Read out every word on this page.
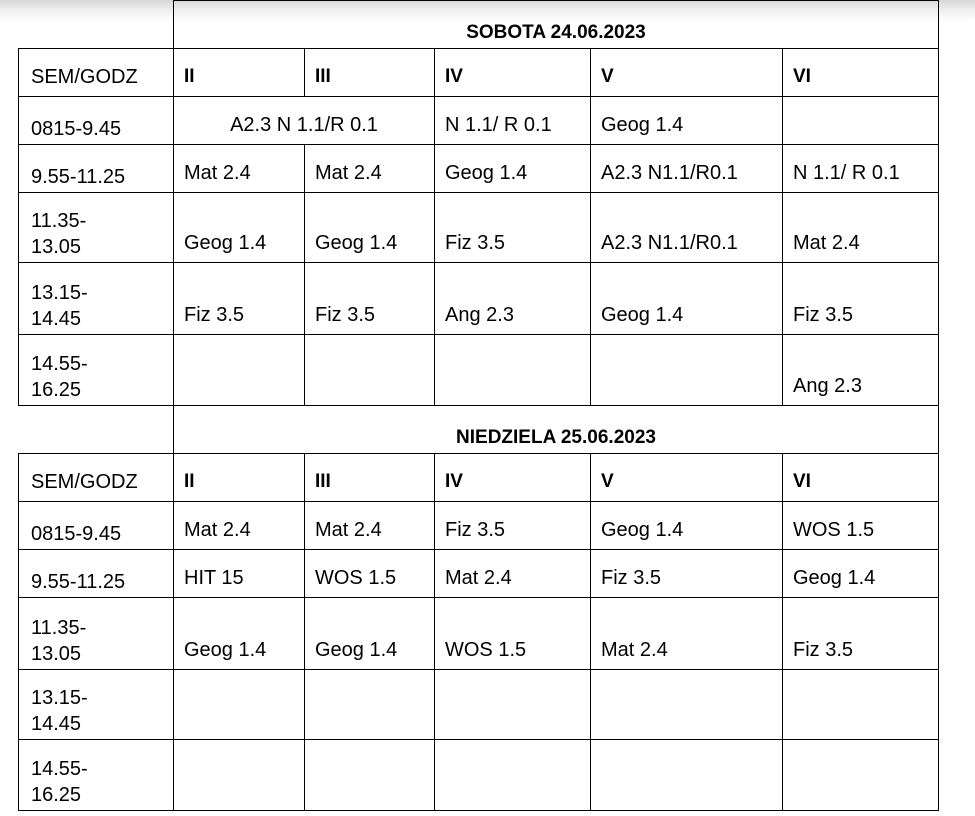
	SOBOTA 24.06.2023				
SEM/GODZ	II	III	IV	V	VI

0815-9.45	A2.3 N 1.1/R 0.1		N 1.1/ R 0.1	Geog 1.4	

9.55-11.25	Mat 2.4	Mat 2.4	Geog 1.4	A2.3 N1.1/R0.1	N 1.1/ R 0.1

11.35-
13.05	Geog 1.4	Geog 1.4	Fiz 3.5	A2.3 N1.1/R0.1	Mat 2.4

13.15-
14.45	Fiz 3.5	Fiz 3.5	Ang 2.3	Geog 1.4	Fiz 3.5

14.55-
16.25					Ang 2.3
	NIEDZIELA 25.06.2023				
SEM/GODZ	II	III	IV	V	VI

0815-9.45	Mat 2.4	Mat 2.4	Fiz 3.5	Geog 1.4	WOS 1.5

9.55-11.25	HIT 15	WOS 1.5	Mat 2.4	Fiz 3.5	Geog 1.4

11.35-
13.05	Geog 1.4	Geog 1.4	WOS 1.5	Mat 2.4	Fiz 3.5

13.15-
14.45					

14.55-
16.25					
